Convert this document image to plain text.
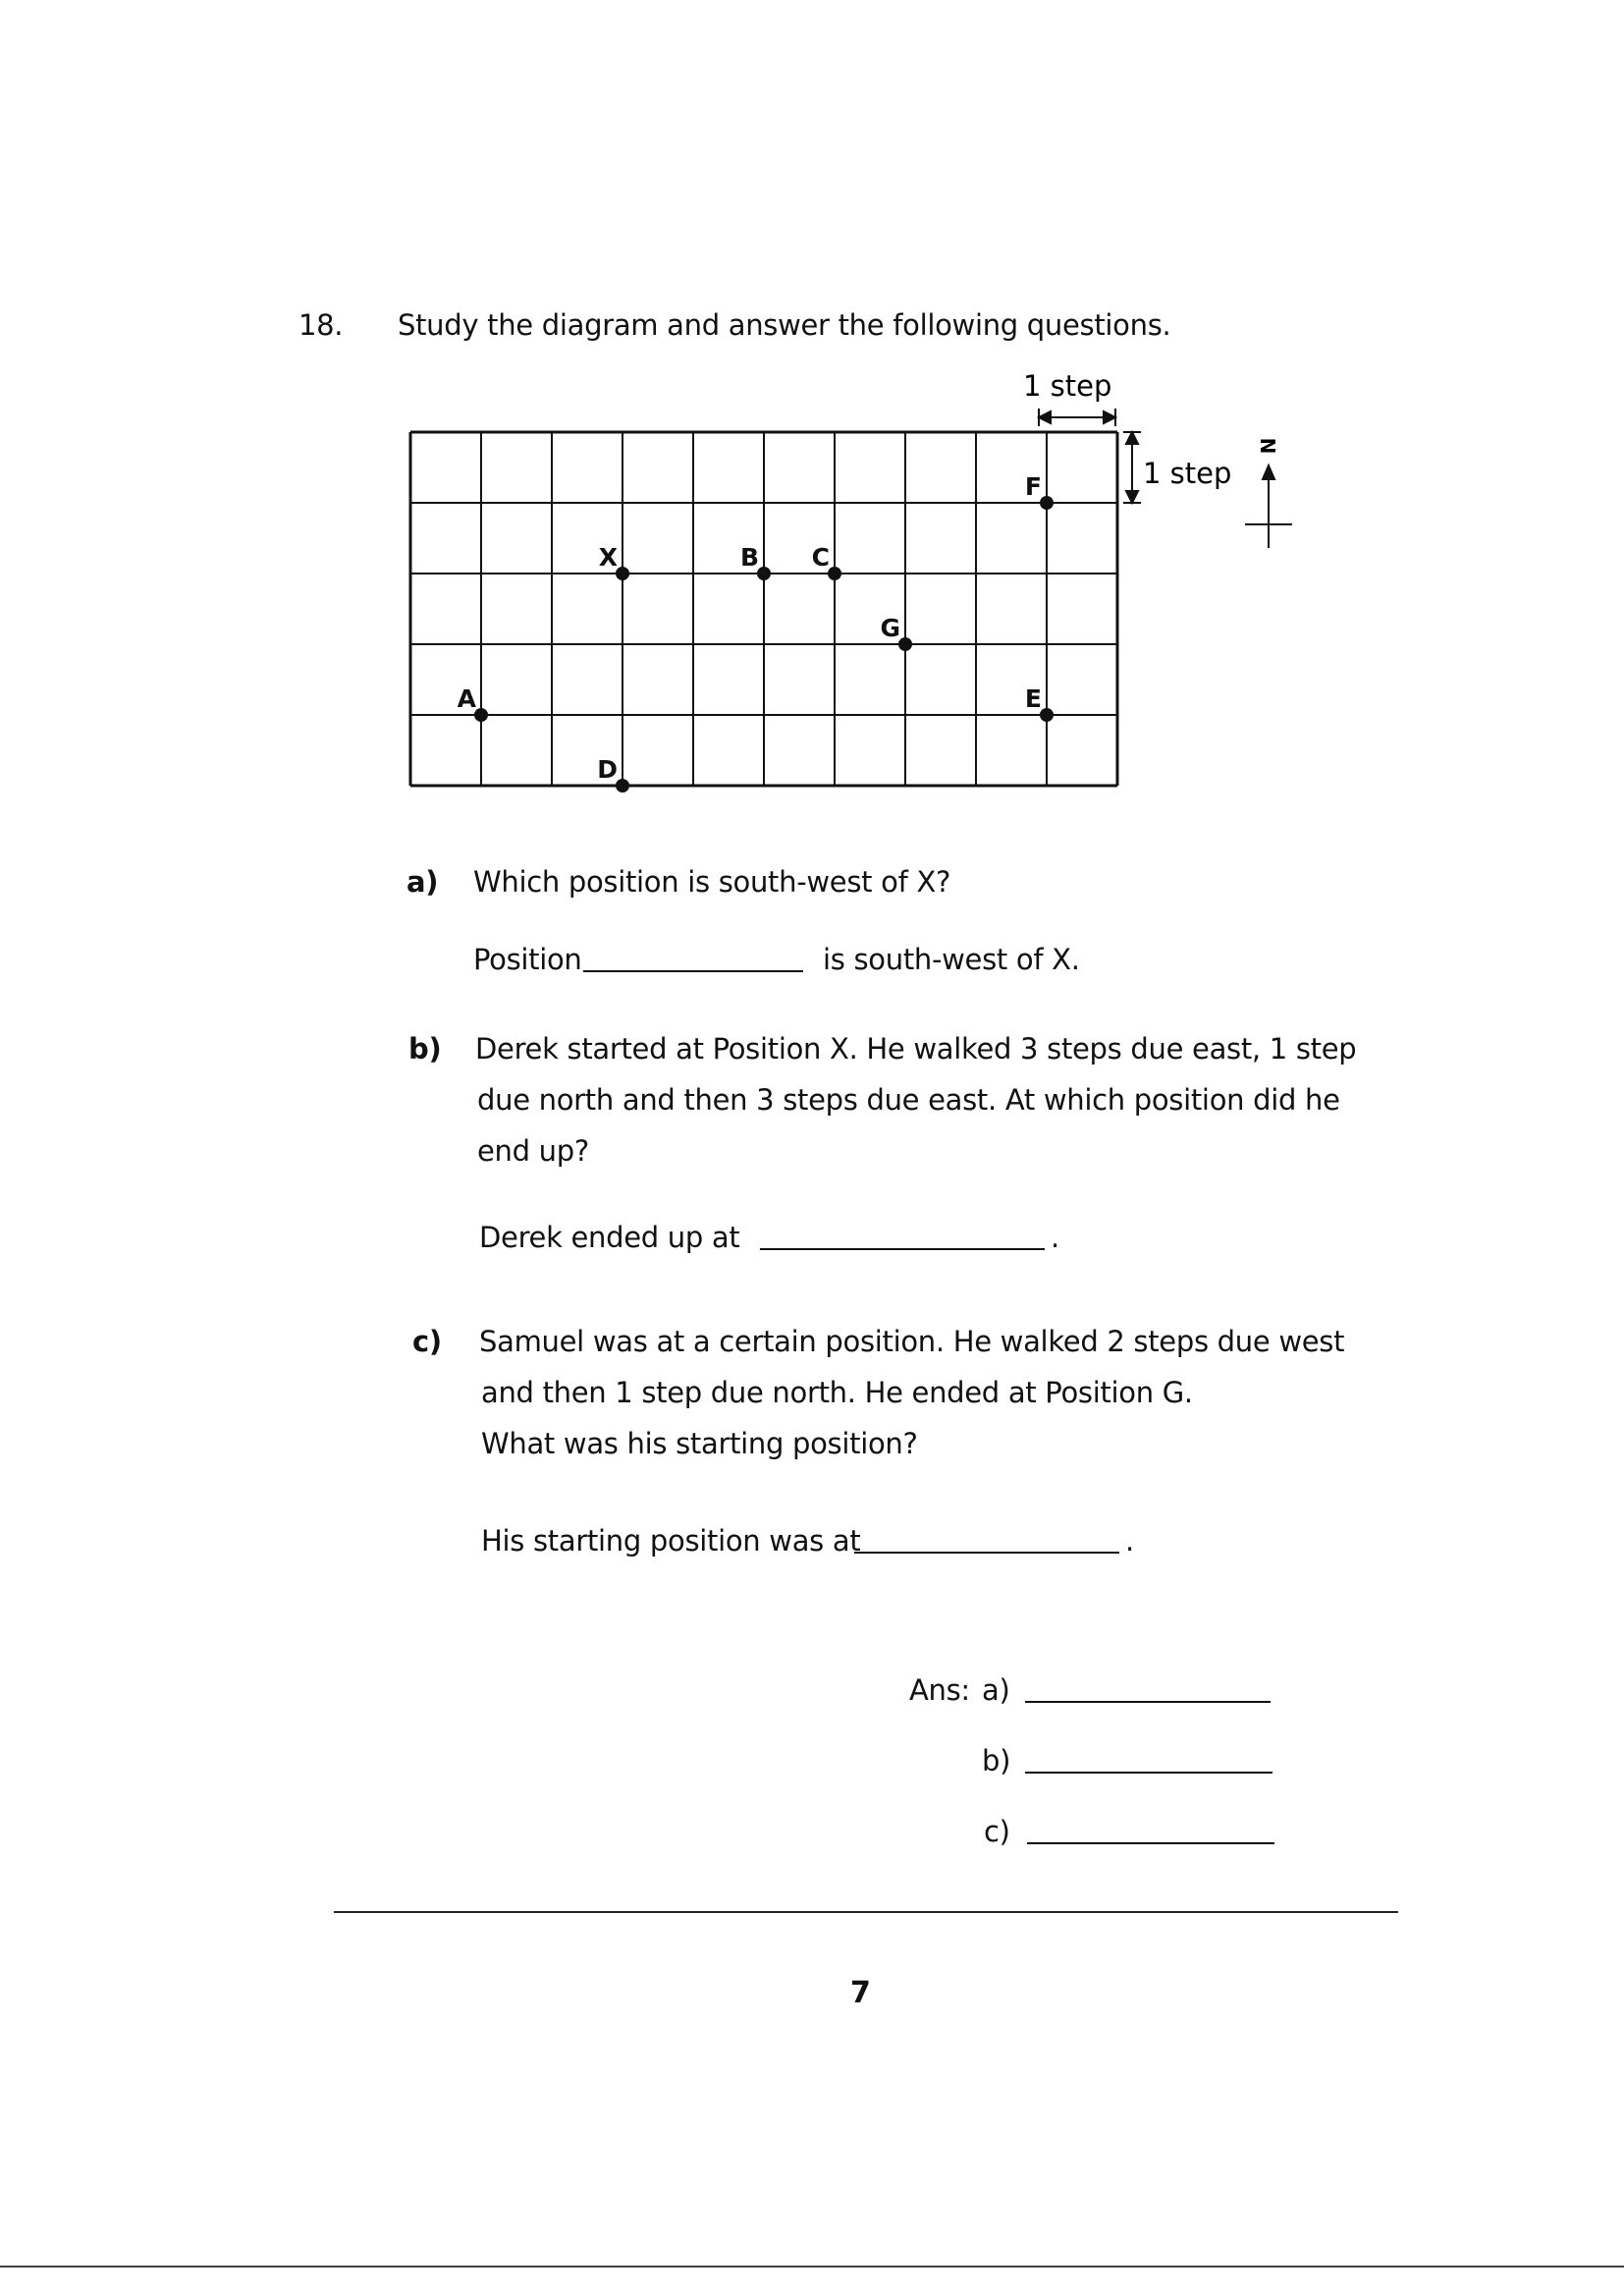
18. Study the diagram and answer the following questions.
F
X	B C
G
A	E
D
1 step
1 step
N
a) Which position is south-west of X?
Position	is south-west of X.
b) Derek started at Position X. He walked 3 steps due east, 1 step
due north and then 3 steps due east. At which position did he
end up?
Derek ended up at	.
c) Samuel was at a certain position. He walked 2 steps due west
and then 1 step due north. He ended at Position G.
What was his starting position?
His starting position was at	.
Ans: a)
b)
c)
7
